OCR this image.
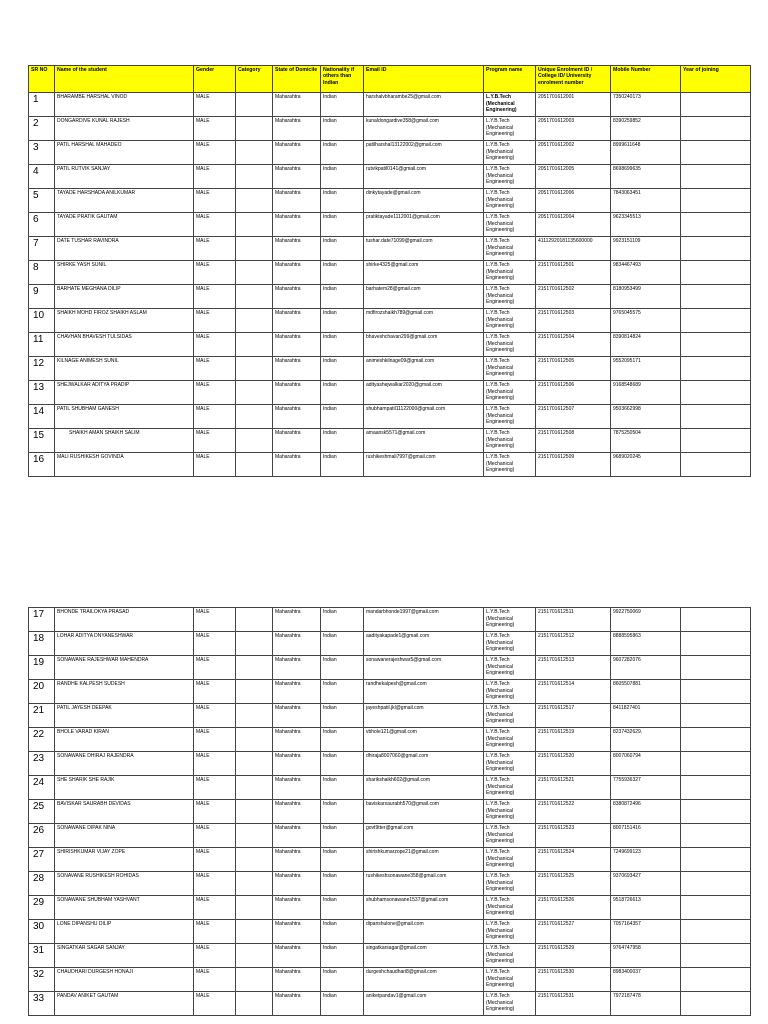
SR NO	Name of the student	Gender	Category	State of Domicile	Nationality if others than Indian	Email ID	Program name	Unique Enrolment ID / College ID/ University enrolment number	Mobile Number	Year of joining
1	BHARAMBE HARSHAL VINOD	MALE		Maharahtra	Indian	harshalvbharambe25@gmail.com	L.Y.B.Tech (Mechanical Engineering)	2051701612001	7350240173	
2	DONGARDIVE KUNAL RAJESH	MALE		Maharahtra	Indian	kunaldongardive358@gmail.com	L.Y.B.Tech (Mechanical Engineering)	2051701612003	8390259852	
3	PATIL HARSHAL MAHADEO	MALE		Maharahtra	Indian	patilharshal13122002@gmail.com	L.Y.B.Tech (Mechanical Engineering)	2051701612002	8999611648	
4	PATIL RUTVIK SANJAY	MALE		Maharahtra	Indian	rutvikpatil0141@gmail.com	L.Y.B.Tech (Mechanical Engineering)	2051701612005	8698699635	
5	TAYADE HARSHADA ANILKUMAR	MALE		Maharahtra	Indian	dinkytayade@gmail.com	L.Y.B.Tech (Mechanical Engineering)	2051701612006	7843063451	
6	TAYADE PRATIK GAUTAM	MALE		Maharahtra	Indian	pratiktayade1112001@gmail.com	L.Y.B.Tech (Mechanical Engineering)	2051701612004	9623345513	
7	DATE TUSHAR RAVINDRA	MALE		Maharahtra	Indian	tushar.date71099@gmail.com	L.Y.B.Tech (Mechanical Engineering)	41112920181135600000	9923151109	
8	SHIRKE YASH SUNIL	MALE		Maharahtra	Indian	shirke4325@gmail.com	L.Y.B.Tech (Mechanical Engineering)	2151701612501	9834467493	
9	BARHATE MEGHANA DILIP	MALE		Maharahtra	Indian	barhatem28@gmail.com	L.Y.B.Tech (Mechanical Engineering)	2151701612502	8180953499	
10	SHAIKH MOHD FIROZ SHAIKH ASLAM	MALE		Maharahtra	Indian	mdfirozshaikh789@gmail.com	L.Y.B.Tech (Mechanical Engineering)	2151701612503	9765045575	
11	CHAVHAN BHAVESH TULSIDAS	MALE		Maharahtra	Indian	bhaveshchavan299@gmail.com	L.Y.B.Tech (Mechanical Engineering)	2151701612504	8390814824	
12	KILNAGE ANIMESH SUNIL	MALE		Maharahtra	Indian	animeshkilnage09@gmail.com	L.Y.B.Tech (Mechanical Engineering)	2151701612505	9552095171	
13	SHEJWALKAR ADITYA PRADIP	MALE		Maharahtra	Indian	adityashejwalkar2020@gmail.com	L.Y.B.Tech (Mechanical Engineering)	2151701612506	9168548689	
14	PATIL SHUBHAM GANESH	MALE		Maharahtra	Indian	shubhampatil11122000@gmail.com	L.Y.B.Tech (Mechanical Engineering)	2151701612507	9503662998	
15	SHAIKH AMAN SHAIKH SALIM	MALE		Maharahtra	Indian	amaansk5571@gmail.com	L.Y.B.Tech (Mechanical Engineering)	2151701612508	7875250504	
16	MALI RUSHIKESH GOVINDA	MALE		Maharahtra	Indian	rushikeshmali7997@gmail.com	L.Y.B.Tech (Mechanical Engineering)	2151701612509	9689020245	
17	BHONDE TRAILOKYA PRASAD	MALE		Maharahtra	Indian	mandarbhonde1997@gmail.com	L.Y.B.Tech (Mechanical Engineering)	2151701612511	9922750069	
18	LOHAR ADITYA DNYANESHWAR	MALE		Maharahtra	Indian	aadityakapade1@gmail.com	L.Y.B.Tech (Mechanical Engineering)	2151701612512	8888595863	
19	SONAWANE RAJESHWAR MAHENDRA	MALE		Maharahtra	Indian	sonawanerajeshwar5@gmail.com	L.Y.B.Tech (Mechanical Engineering)	2151701612513	9607282076	
20	RANDHE KALPESH SUDESH	MALE		Maharahtra	Indian	randhekalpesh@gmail.com	L.Y.B.Tech (Mechanical Engineering)	2151701612514	8605507881	
21	PATIL JAYESH DEEPAK	MALE		Maharahtra	Indian	jayeshpatil.jkl@gmail.com	L.Y.B.Tech (Mechanical Engineering)	2151701612517	8411827401	
22	BHOLE VARAD KIRAN	MALE		Maharahtra	Indian	vbhole121@gmail.com	L.Y.B.Tech (Mechanical Engineering)	2151701612519	8237432629.	
23	SONAWANE DHIRAJ RAJENDRA	MALE		Maharahtra	Indian	dhiraja8007060@gmail.com	L.Y.B.Tech (Mechanical Engineering)	2151701612520	8007060794	
24	SHE SHARIK SHE RAJIK	MALE		Maharahtra	Indian	sharikshaikh602@gmail.com	L.Y.B.Tech (Mechanical Engineering)	2151701612521	7755936327	
25	BAVISKAR SAURABH DEVIDAS	MALE		Maharahtra	Indian	baviskarsaurabh570@gmail.com	L.Y.B.Tech (Mechanical Engineering)	2151701612522	8380872496	
26	SONAWANE DIPAK NINA	MALE		Maharahtra	Indian	govt9tter@gmail.com	L.Y.B.Tech (Mechanical Engineering)	2151701612523	8007151416	
27	SHIRISHKUMAR VIJAY ZOPE	MALE		Maharahtra	Indian	shirishkumarzope21@gmail.com	L.Y.B.Tech (Mechanical Engineering)	2151701612524	7249699123	
28	SONAVANE RUSHIKESH ROHIDAS	MALE		Maharahtra	Indian	rushikeshsonawane358@gmail.com	L.Y.B.Tech (Mechanical Engineering)	2151701612525	9370693427	
29	SONAWANE SHUBHAM YASHVANT	MALE		Maharahtra	Indian	shubhamsonawane1537@gmail.com	L.Y.B.Tech (Mechanical Engineering)	2151701612526	9518726613	
30	LONE DIPANSHU DILIP	MALE		Maharahtra	Indian	dipanshulone@gmail.com	L.Y.B.Tech (Mechanical Engineering)	2151701612527	7057164357	
31	SINGATKAR SAGAR SANJAY	MALE		Maharahtra	Indian	singatkarsagar@gmail.com	L.Y.B.Tech (Mechanical Engineering)	2151701612529	9764747958	
32	CHAUDHARI DURGESH HONAJI	MALE		Maharahtra	Indian	durgeshchaudhari8@gmail.com	L.Y.B.Tech (Mechanical Engineering)	2151701612530	8983400037	
33	PANDAV ANIKET GAUTAM	MALE		Maharahtra	Indian	aniketpandav1@gmail.com	L.Y.B.Tech (Mechanical Engineering)	2151701612531	7972187478	
